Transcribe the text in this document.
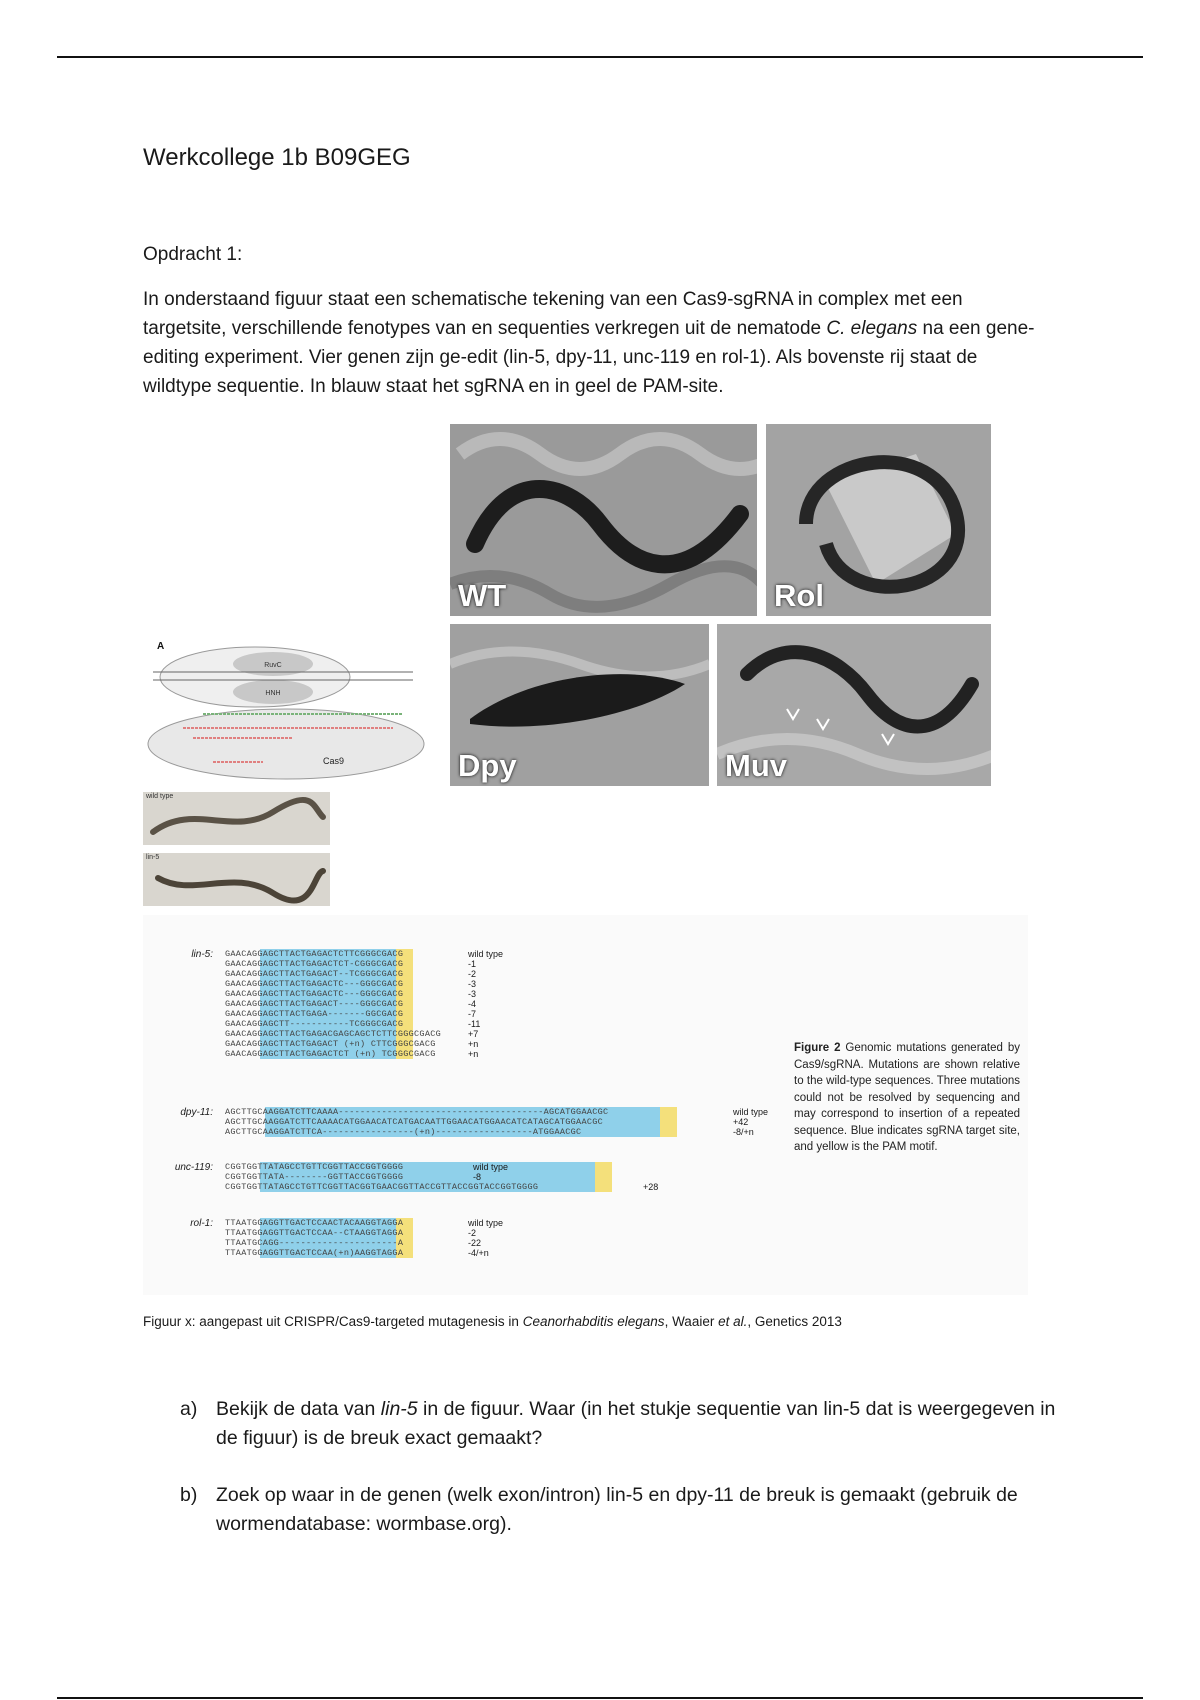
Werkcollege 1b B09GEG
Opdracht 1:
In onderstaand figuur staat een schematische tekening van een Cas9-sgRNA in complex met een targetsite, verschillende fenotypes van en sequenties verkregen uit de nematode C. elegans na een gene-editing experiment. Vier genen zijn ge-edit (lin-5, dpy-11, unc-119 en rol-1). Als bovenste rij staat de wildtype sequentie. In blauw staat het sgRNA en in geel de PAM-site.
WT	Rol
Dpy	Muv
A
RuvC
HNH
Cas9
wild type
lin-5
lin-5: GAACAGGAGCTTACTGAGACTCTTCGGGCGACG	wild type
GAACAGGAGCTTACTGAGACTCT-CGGGCGACG	-1
GAACAGGAGCTTACTGAGACT--TCGGGCGACG	-2
GAACAGGAGCTTACTGAGACTC---GGGCGACG	-3
GAACAGGAGCTTACTGAGACTC---GGGCGACG	-3
GAACAGGAGCTTACTGAGACT----GGGCGACG	-4
GAACAGGAGCTTACTGAGA-------GGCGACG	-7
GAACAGGAGCTT-----------TCGGGCGACG	-11
GAACAGGAGCTTACTGAGACGAGCAGCTCTTCGGGCGACG	+7
GAACAGGAGCTTACTGAGACT (+n) CTTCGGGCGACG	+n
GAACAGGAGCTTACTGAGACTCT (+n) TCGGGCGACG	+n
dpy-11: AGCTTGCAAGGATCTTCAAAA--------------------------------------AGCATGGAACGC	wild type
AGCTTGCAAGGATCTTCAAAACATGGAACATCATGACAATTGGAACATGGAACATCATAGCATGGAACGC	+42
AGCTTGCAAGGATCTTCA-----------------(+n)------------------ATGGAACGC	-8/+n
unc-119: CGGTGGTTATAGCCTGTTCGGTTACCGGTGGGG	wild type
CGGTGGTTATA--------GGTTACCGGTGGGG	-8
CGGTGGTTATAGCCTGTTCGGTTACGGTGAACGGTTACCGTTACCGGTACCGGTGGGG	+28
rol-1: TTAATGGAGGTTGACTCCAACTACAAGGTAGGA	wild type
TTAATGGAGGTTGACTCCAA--CTAAGGTAGGA	-2
TTAATGCAGG----------------------A	-22
TTAATGGAGGTTGACTCCAA(+n)AAGGTAGGA	-4/+n
Figure 2 Genomic mutations generated by Cas9/sgRNA. Mutations are shown relative to the wild-type sequences. Three mutations could not be resolved by sequencing and may correspond to insertion of a repeated sequence. Blue indicates sgRNA target site, and yellow is the PAM motif.
Figuur x: aangepast uit CRISPR/Cas9-targeted mutagenesis in Ceanorhabditis elegans, Waaier et al., Genetics 2013
a) Bekijk de data van lin-5 in de figuur. Waar (in het stukje sequentie van lin-5 dat is weergegeven in de figuur) is de breuk exact gemaakt?
b) Zoek op waar in de genen (welk exon/intron) lin-5 en dpy-11 de breuk is gemaakt (gebruik de wormendatabase: wormbase.org).
